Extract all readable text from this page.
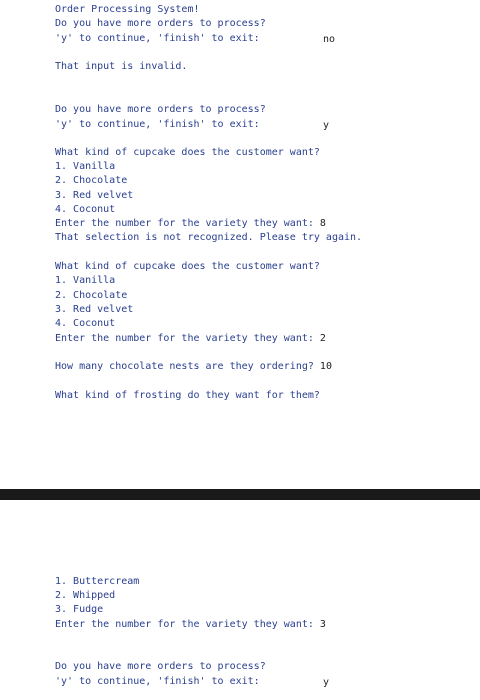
Order Processing System!

Do you have more orders to process?

'y' to continue, 'finish' to exit:

	no

That input is invalid.

Do you have more orders to process?

'y' to continue, 'finish' to exit:

	y

What kind of cupcake does the customer want?

1. Vanilla

2. Chocolate

3. Red velvet

4. Coconut

Enter the number for the variety they want: 8

That selection is not recognized. Please try again.

What kind of cupcake does the customer want?

1. Vanilla

2. Chocolate

3. Red velvet

4. Coconut

Enter the number for the variety they want: 2

How many chocolate nests are they ordering? 10

What kind of frosting do they want for them?

1. Buttercream

2. Whipped

3. Fudge

Enter the number for the variety they want: 3

Do you have more orders to process?

'y' to continue, 'finish' to exit:

	y
